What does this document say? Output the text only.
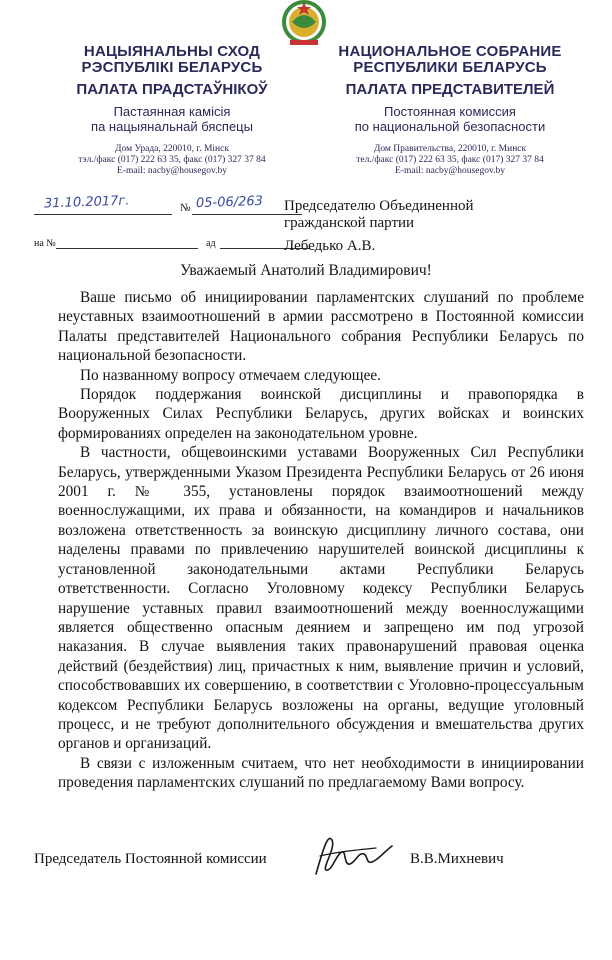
НАЦЫЯНАЛЬНЫ СХОД
РЭСПУБЛІКІ БЕЛАРУСЬ
ПАЛАТА ПРАДСТАЎНІКОЎ
Пастаянная камісія
па нацыянальнай бяспецы
Дом Урада, 220010, г. Мінск
тэл./факс (017) 222 63 35, факс (017) 327 37 84
E-mail: nacby@housegov.by
НАЦИОНАЛЬНОЕ СОБРАНИЕ
РЕСПУБЛИКИ БЕЛАРУСЬ
ПАЛАТА ПРЕДСТАВИТЕЛЕЙ
Постоянная комиссия
по национальной безопасности
Дом Правительства, 220010, г. Минск
тел./факс (017) 222 63 35, факс (017) 327 37 84
E-mail: nacby@housegov.by
31.10.2017г.	№ 05-06/263
на №	ад
Председателю Объединенной
гражданской партии
Лебедько А.В.
Уважаемый Анатолий Владимирович!

Ваше письмо об инициировании парламентских слушаний по проблеме неуставных взаимоотношений в армии рассмотрено в Постоянной комиссии Палаты представителей Национального собрания Республики Беларусь по национальной безопасности.

По названному вопросу отмечаем следующее.

Порядок поддержания воинской дисциплины и правопорядка в Вооруженных Силах Республики Беларусь, других войсках и воинских формированиях определен на законодательном уровне.

В частности, общевоинскими уставами Вооруженных Сил Республики Беларусь, утвержденными Указом Президента Республики Беларусь от 26 июня 2001 г. № 355, установлены порядок взаимоотношений между военнослужащими, их права и обязанности, на командиров и начальников возложена ответственность за воинскую дисциплину личного состава, они наделены правами по привлечению нарушителей воинской дисциплины к установленной законодательными актами Республики Беларусь ответственности. Согласно Уголовному кодексу Республики Беларусь нарушение уставных правил взаимоотношений между военнослужащими является общественно опасным деянием и запрещено им под угрозой наказания. В случае выявления таких правонарушений правовая оценка действий (бездействия) лиц, причастных к ним, выявление причин и условий, способствовавших их совершению, в соответствии с Уголовно-процессуальным кодексом Республики Беларусь возложены на органы, ведущие уголовный процесс, и не требуют дополнительного обсуждения и вмешательства других органов и организаций.

В связи с изложенным считаем, что нет необходимости в инициировании проведения парламентских слушаний по предлагаемому Вами вопросу.

Председатель Постоянной комиссии	В.В.Михневич
